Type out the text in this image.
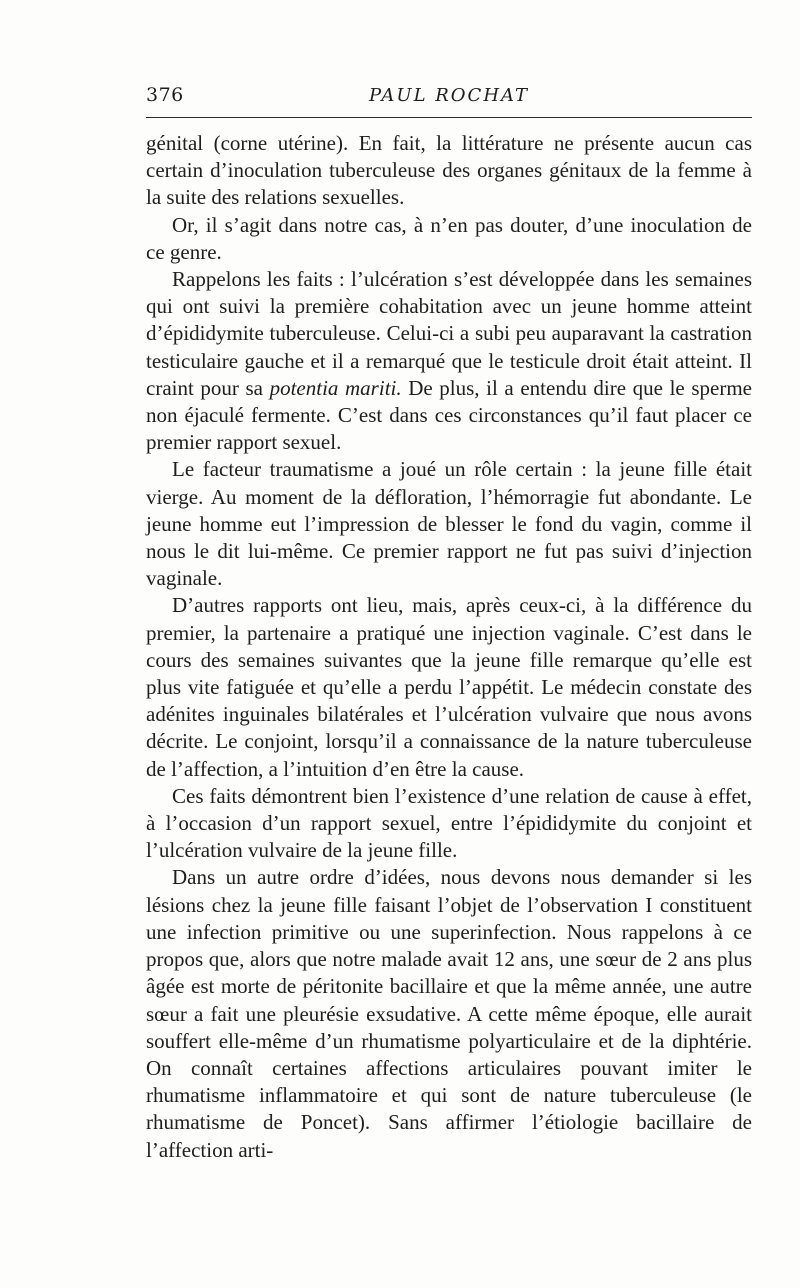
376	PAUL ROCHAT

génital (corne utérine). En fait, la littérature ne présente aucun cas certain d’inoculation tuberculeuse des organes génitaux de la femme à la suite des relations sexuelles.

Or, il s’agit dans notre cas, à n’en pas douter, d’une inoculation de ce genre.

Rappelons les faits : l’ulcération s’est développée dans les semaines qui ont suivi la première cohabitation avec un jeune homme atteint d’épididymite tuberculeuse. Celui-ci a subi peu auparavant la castration testiculaire gauche et il a remarqué que le testicule droit était atteint. Il craint pour sa potentia mariti. De plus, il a entendu dire que le sperme non éjaculé fermente. C’est dans ces circonstances qu’il faut placer ce premier rapport sexuel.

Le facteur traumatisme a joué un rôle certain : la jeune fille était vierge. Au moment de la défloration, l’hémorragie fut abondante. Le jeune homme eut l’impression de blesser le fond du vagin, comme il nous le dit lui-même. Ce premier rapport ne fut pas suivi d’injection vaginale.

D’autres rapports ont lieu, mais, après ceux-ci, à la différence du premier, la partenaire a pratiqué une injection vaginale. C’est dans le cours des semaines suivantes que la jeune fille remarque qu’elle est plus vite fatiguée et qu’elle a perdu l’appétit. Le médecin constate des adénites inguinales bilatérales et l’ulcération vulvaire que nous avons décrite. Le conjoint, lorsqu’il a connaissance de la nature tuberculeuse de l’affection, a l’intuition d’en être la cause.

Ces faits démontrent bien l’existence d’une relation de cause à effet, à l’occasion d’un rapport sexuel, entre l’épididymite du conjoint et l’ulcération vulvaire de la jeune fille.

Dans un autre ordre d’idées, nous devons nous demander si les lésions chez la jeune fille faisant l’objet de l’observation I constituent une infection primitive ou une superinfection. Nous rappelons à ce propos que, alors que notre malade avait 12 ans, une sœur de 2 ans plus âgée est morte de péritonite bacillaire et que la même année, une autre sœur a fait une pleurésie exsudative. A cette même époque, elle aurait souffert elle-même d’un rhumatisme polyarticulaire et de la diphtérie. On connaît certaines affections articulaires pouvant imiter le rhumatisme inflammatoire et qui sont de nature tuberculeuse (le rhumatisme de Poncet). Sans affirmer l’étiologie bacillaire de l’affection arti-
